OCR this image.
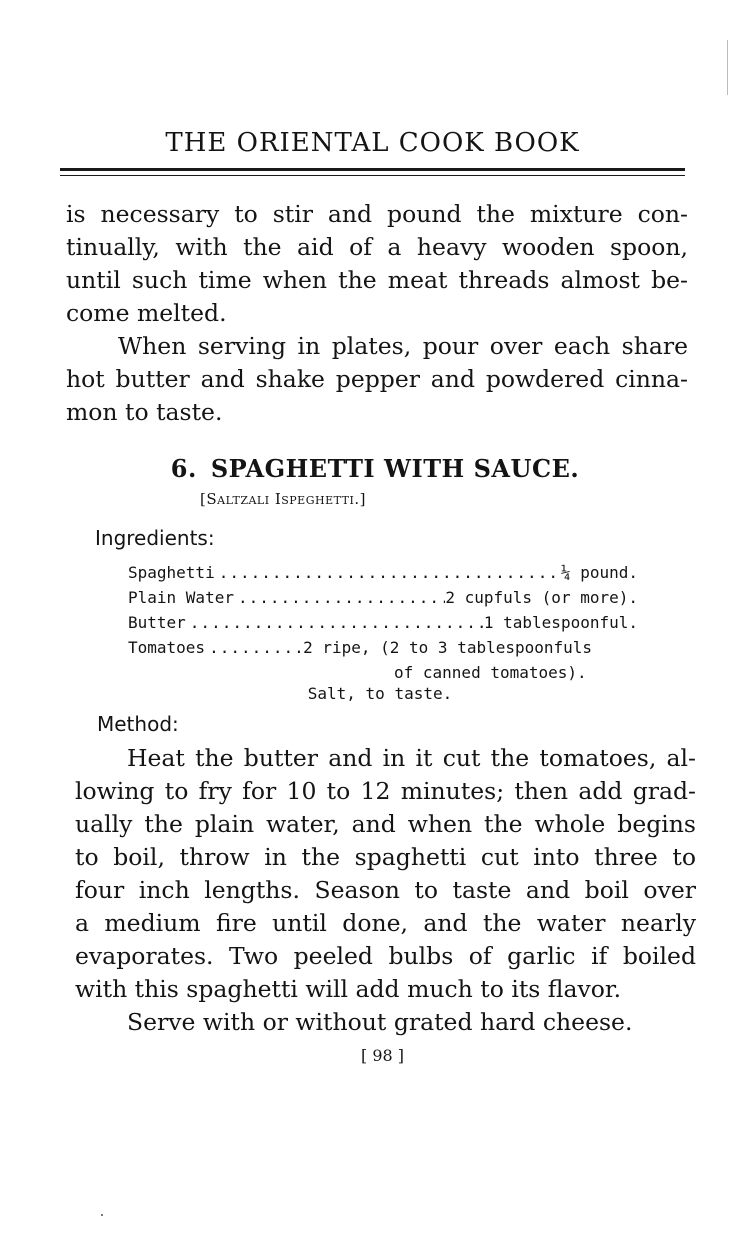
THE ORIENTAL COOK BOOK
is necessary to stir and pound the mixture con-
tinually, with the aid of a heavy wooden spoon,
until such time when the meat threads almost be-
come melted.
When serving in plates, pour over each share
hot butter and shake pepper and powdered cinna-
mon to taste.
6. SPAGHETTI WITH SAUCE.
[Saltzali Ispeghetti.]
Ingredients:
Spaghetti .....	¼ pound.
Plain Water .....	2 cupfuls (or more).
Butter .....	1 tablespoonful.
Tomatoes .....	2 ripe, (2 to 3 tablespoonfuls
of canned tomatoes).
Salt, to taste.
Method:
Heat the butter and in it cut the tomatoes, al-
lowing to fry for 10 to 12 minutes; then add grad-
ually the plain water, and when the whole begins
to boil, throw in the spaghetti cut into three to
four inch lengths. Season to taste and boil over
a medium fire until done, and the water nearly
evaporates. Two peeled bulbs of garlic if boiled
with this spaghetti will add much to its flavor.
Serve with or without grated hard cheese.
[ 98 ]
